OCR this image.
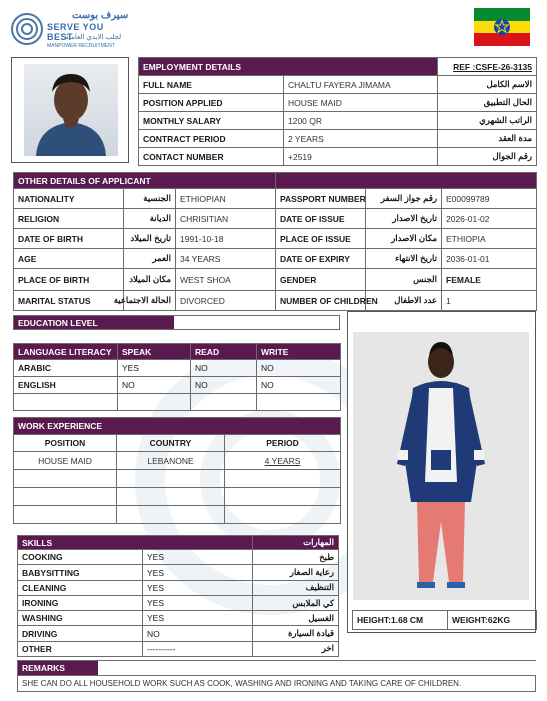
سيرف بوست
SERVE YOU BEST
لجلب الايدي العاملة
MANPOWER RECRUITMENT
EMPLOYMENT DETAILS		REF :CSFE-26-3135
FULL NAME	CHALTU FAYERA JIMAMA	الاسم الكامل
POSITION APPLIED	HOUSE MAID	الحال التطبيق
MONTHLY SALARY	1200 QR	الراتب الشهري
CONTRACT PERIOD	2 YEARS	مدة العقد
CONTACT NUMBER	+2519	رقم الجوال
OTHER DETAILS OF APPLICANT					
NATIONALITY	الجنسية	ETHIOPIAN	PASSPORT NUMBER	رقم جواز السفر	E00099789
RELIGION	الديانة	CHRISITIAN	DATE OF ISSUE	تاريخ الاصدار	2026-01-02
DATE OF BIRTH	تاريخ الميلاد	1991-10-18	PLACE OF ISSUE	مكان الاصدار	ETHIOPIA
AGE	العمر	34 YEARS	DATE OF EXPIRY	تاريخ الانتهاء	2036-01-01
PLACE OF BIRTH	مكان الميلاد	WEST SHOA	GENDER	الجنس	FEMALE
MARITAL STATUS	الحالة الاجتماعية	DIVORCED	NUMBER OF CHILDREN	عدد الاطفال	1
EDUCATION LEVEL
LANGUAGE LITERACY	SPEAK	READ	WRITE
ARABIC	YES	NO	NO
ENGLISH	NO	NO	NO

WORK EXPERIENCE		

POSITION	COUNTRY	PERIOD
HOUSE MAID	LEBANONE	4 YEARS

SKILLS		المهارات
COOKING	YES	طبخ
BABYSITTING	YES	رعاية الصغار
CLEANING	YES	التنظيف
IRONING	YES	كي الملابس
WASHING	YES	الغسيل
DRIVING	NO	قيادة السيارة
OTHER	----------	اخر
HEIGHT:1.68 CM	WEIGHT:62KG
REMARKS

SHE CAN DO ALL HOUSEHOLD WORK SUCH AS COOK, WASHING AND IRONING AND TAKING CARE OF CHILDREN.
